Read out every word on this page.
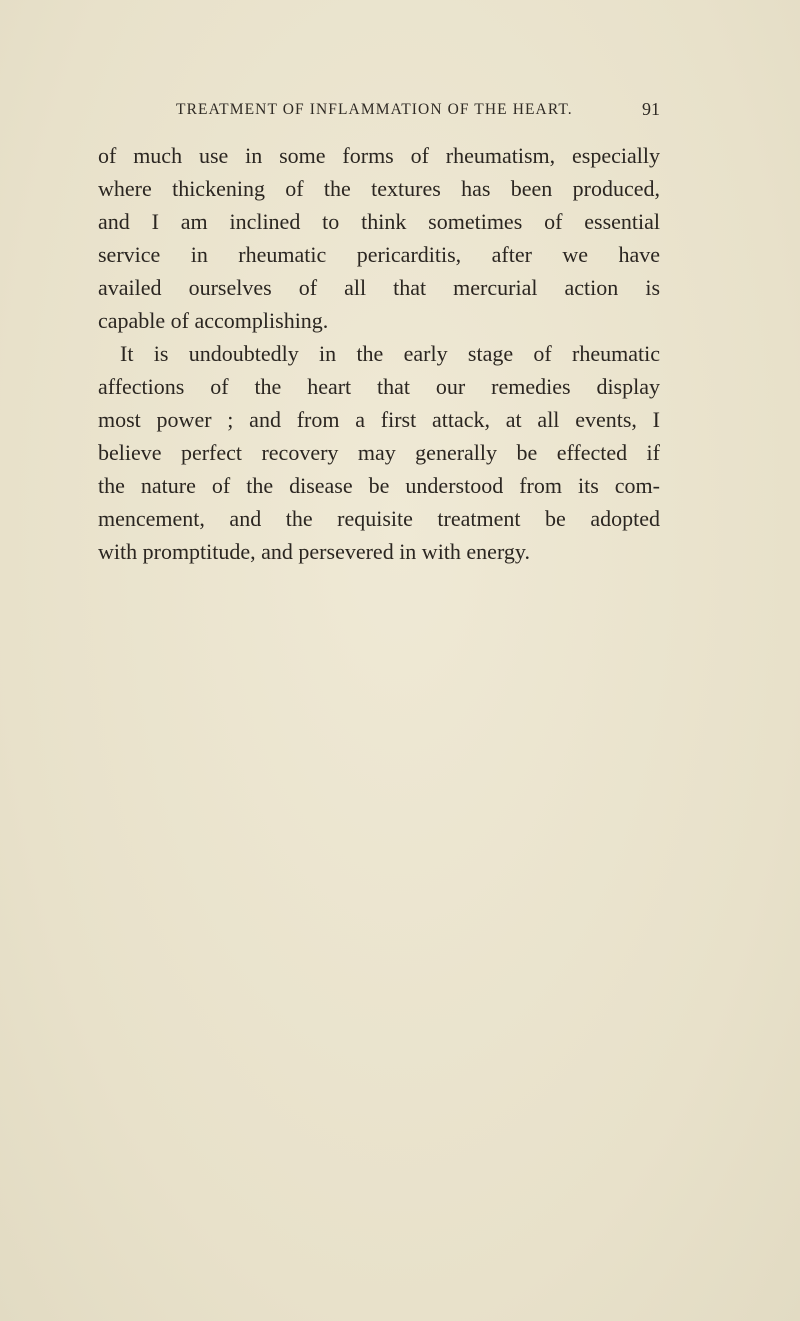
TREATMENT OF INFLAMMATION OF THE HEART.	91
of much use in some forms of rheumatism, especially
where thickening of the textures has been produced,
and I am inclined to think sometimes of essential
service in rheumatic pericarditis, after we have
availed ourselves of all that mercurial action is
capable of accomplishing.
It is undoubtedly in the early stage of rheumatic
affections of the heart that our remedies display
most power ; and from a first attack, at all events, I
believe perfect recovery may generally be effected if
the nature of the disease be understood from its com-
mencement, and the requisite treatment be adopted
with promptitude, and persevered in with energy.
